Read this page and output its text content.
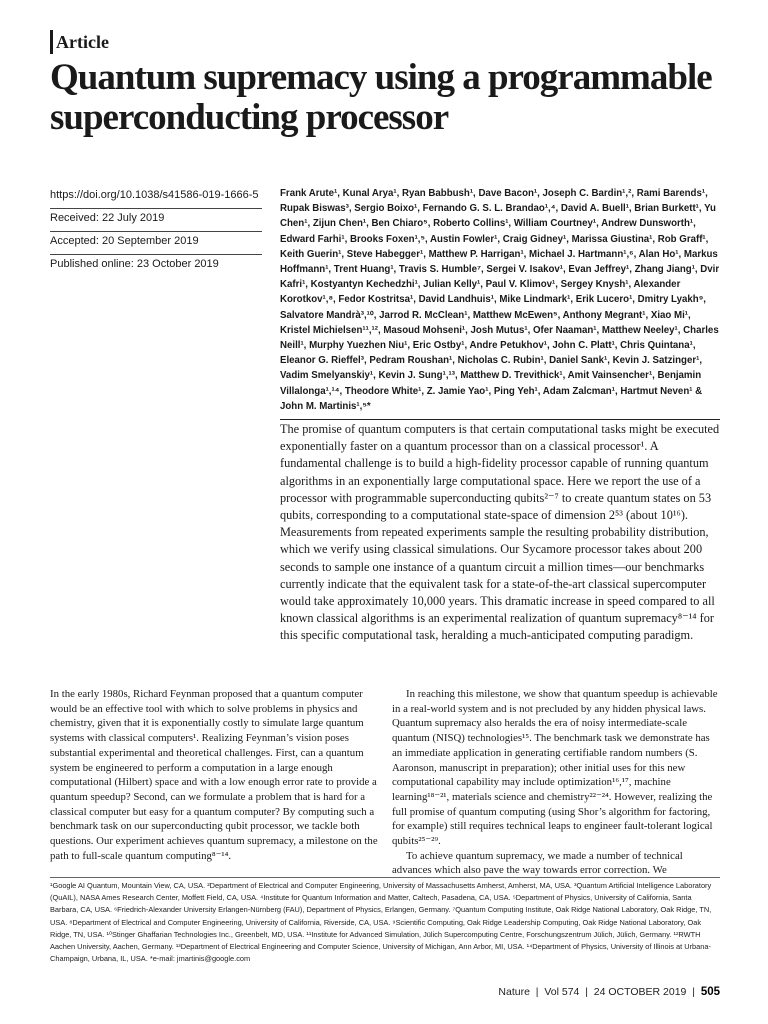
Article
Quantum supremacy using a programmable superconducting processor
https://doi.org/10.1038/s41586-019-1666-5
Received: 22 July 2019
Accepted: 20 September 2019
Published online: 23 October 2019

Frank Arute¹, Kunal Arya¹, Ryan Babbush¹, Dave Bacon¹, Joseph C. Bardin¹,², Rami Barends¹, Rupak Biswas³, Sergio Boixo¹, Fernando G. S. L. Brandao¹,⁴, David A. Buell¹, Brian Burkett¹, Yu Chen¹, Zijun Chen¹, Ben Chiaro⁵, Roberto Collins¹, William Courtney¹, Andrew Dunsworth¹, Edward Farhi¹, Brooks Foxen¹,⁵, Austin Fowler¹, Craig Gidney¹, Marissa Giustina¹, Rob Graff¹, Keith Guerin¹, Steve Habegger¹, Matthew P. Harrigan¹, Michael J. Hartmann¹,⁶, Alan Ho¹, Markus Hoffmann¹, Trent Huang¹, Travis S. Humble⁷, Sergei V. Isakov¹, Evan Jeffrey¹, Zhang Jiang¹, Dvir Kafri¹, Kostyantyn Kechedzhi¹, Julian Kelly¹, Paul V. Klimov¹, Sergey Knysh¹, Alexander Korotkov¹,⁸, Fedor Kostritsa¹, David Landhuis¹, Mike Lindmark¹, Erik Lucero¹, Dmitry Lyakh⁹, Salvatore Mandrà³,¹⁰, Jarrod R. McClean¹, Matthew McEwen⁵, Anthony Megrant¹, Xiao Mi¹, Kristel Michielsen¹¹,¹², Masoud Mohseni¹, Josh Mutus¹, Ofer Naaman¹, Matthew Neeley¹, Charles Neill¹, Murphy Yuezhen Niu¹, Eric Ostby¹, Andre Petukhov¹, John C. Platt¹, Chris Quintana¹, Eleanor G. Rieffel³, Pedram Roushan¹, Nicholas C. Rubin¹, Daniel Sank¹, Kevin J. Satzinger¹, Vadim Smelyanskiy¹, Kevin J. Sung¹,¹³, Matthew D. Trevithick¹, Amit Vainsencher¹, Benjamin Villalonga¹,¹⁴, Theodore White¹, Z. Jamie Yao¹, Ping Yeh¹, Adam Zalcman¹, Hartmut Neven¹ & John M. Martinis¹,⁵*

The promise of quantum computers is that certain computational tasks might be executed exponentially faster on a quantum processor than on a classical processor¹. A fundamental challenge is to build a high-fidelity processor capable of running quantum algorithms in an exponentially large computational space. Here we report the use of a processor with programmable superconducting qubits²⁻⁷ to create quantum states on 53 qubits, corresponding to a computational state-space of dimension 2⁵³ (about 10¹⁶). Measurements from repeated experiments sample the resulting probability distribution, which we verify using classical simulations. Our Sycamore processor takes about 200 seconds to sample one instance of a quantum circuit a million times—our benchmarks currently indicate that the equivalent task for a state-of-the-art classical supercomputer would take approximately 10,000 years. This dramatic increase in speed compared to all known classical algorithms is an experimental realization of quantum supremacy⁸⁻¹⁴ for this specific computational task, heralding a much-anticipated computing paradigm.

In the early 1980s, Richard Feynman proposed that a quantum computer would be an effective tool with which to solve problems in physics and chemistry, given that it is exponentially costly to simulate large quantum systems with classical computers¹. Realizing Feynman’s vision poses substantial experimental and theoretical challenges. First, can a quantum system be engineered to perform a computation in a large enough computational (Hilbert) space and with a low enough error rate to provide a quantum speedup? Second, can we formulate a problem that is hard for a classical computer but easy for a quantum computer? By computing such a benchmark task on our superconducting qubit processor, we tackle both questions. Our experiment achieves quantum supremacy, a milestone on the path to full-scale quantum computing⁸⁻¹⁴.

In reaching this milestone, we show that quantum speedup is achievable in a real-world system and is not precluded by any hidden physical laws. Quantum supremacy also heralds the era of noisy intermediate-scale quantum (NISQ) technologies¹⁵. The benchmark task we demonstrate has an immediate application in generating certifiable random numbers (S. Aaronson, manuscript in preparation); other initial uses for this new computational capability may include optimization¹⁶,¹⁷, machine learning¹⁸⁻²¹, materials science and chemistry²²⁻²⁴. However, realizing the full promise of quantum computing (using Shor’s algorithm for factoring, for example) still requires technical leaps to engineer fault-tolerant logical qubits²⁵⁻²⁹.

To achieve quantum supremacy, we made a number of technical advances which also pave the way towards error correction. We

¹Google AI Quantum, Mountain View, CA, USA. ²Department of Electrical and Computer Engineering, University of Massachusetts Amherst, Amherst, MA, USA. ³Quantum Artificial Intelligence Laboratory (QuAIL), NASA Ames Research Center, Moffett Field, CA, USA. ⁴Institute for Quantum Information and Matter, Caltech, Pasadena, CA, USA. ⁵Department of Physics, University of California, Santa Barbara, CA, USA. ⁶Friedrich-Alexander University Erlangen-Nürnberg (FAU), Department of Physics, Erlangen, Germany. ⁷Quantum Computing Institute, Oak Ridge National Laboratory, Oak Ridge, TN, USA. ⁸Department of Electrical and Computer Engineering, University of California, Riverside, CA, USA. ⁹Scientific Computing, Oak Ridge Leadership Computing, Oak Ridge National Laboratory, Oak Ridge, TN, USA. ¹⁰Stinger Ghaffarian Technologies Inc., Greenbelt, MD, USA. ¹¹Institute for Advanced Simulation, Jülich Supercomputing Centre, Forschungszentrum Jülich, Jülich, Germany. ¹²RWTH Aachen University, Aachen, Germany. ¹³Department of Electrical Engineering and Computer Science, University of Michigan, Ann Arbor, MI, USA. ¹⁴Department of Physics, University of Illinois at Urbana-Champaign, Urbana, IL, USA. *e-mail: jmartinis@google.com

Nature  |  Vol 574  |  24 OCTOBER 2019  |  505
